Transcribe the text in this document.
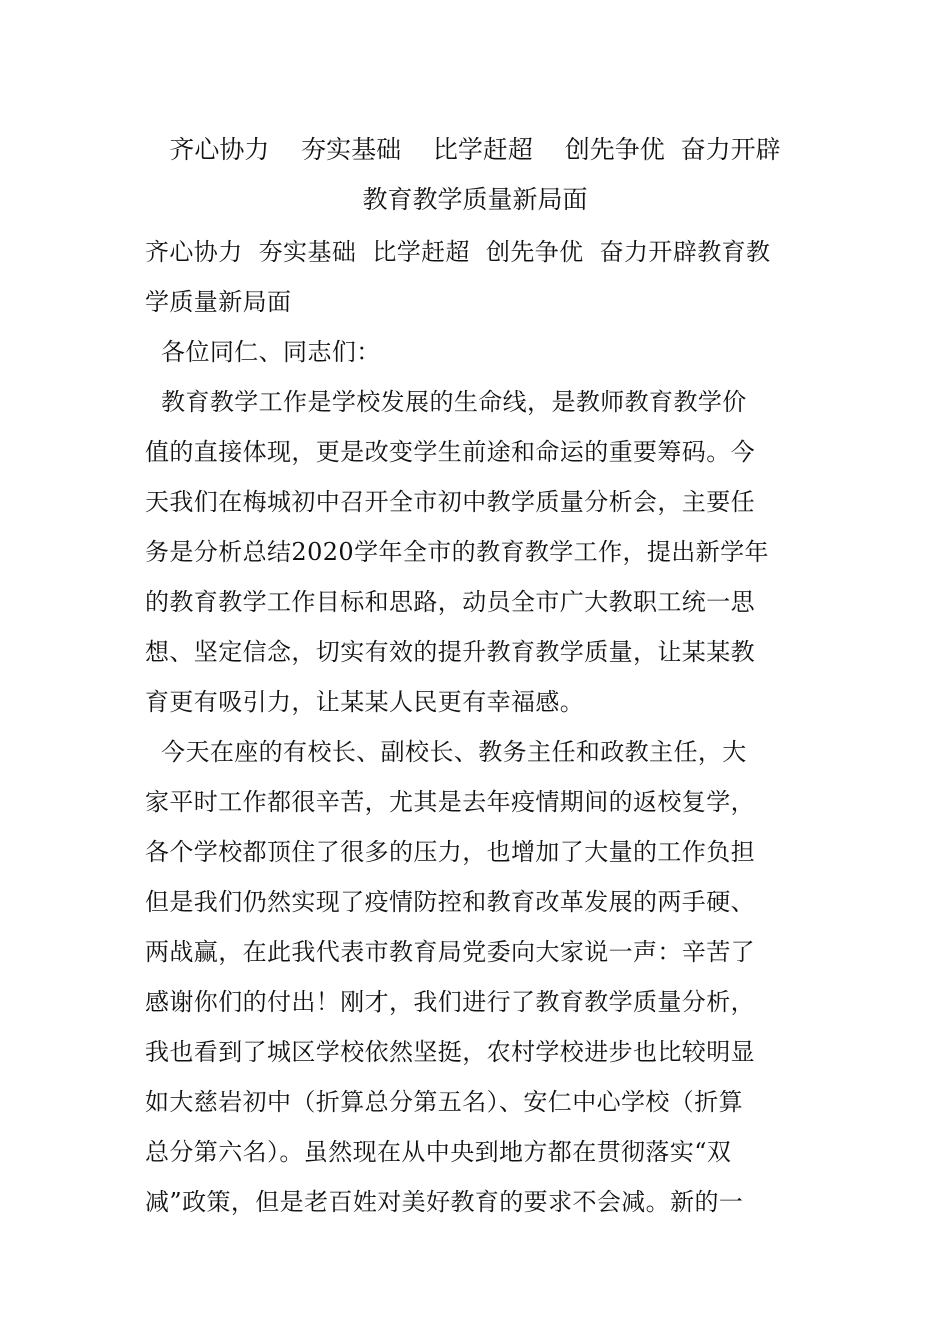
齐心协力    夯实基础    比学赶超    创先争优  奋力开辟
教育教学质量新局面
齐心协力  夯实基础  比学赶超  创先争优  奋力开辟教育教
学质量新局面
各位同仁、同志们：
教育教学工作是学校发展的生命线，是教师教育教学价
值的直接体现，更是改变学生前途和命运的重要筹码。今
天我们在梅城初中召开全市初中教学质量分析会，主要任
务是分析总结2020学年全市的教育教学工作，提出新学年
的教育教学工作目标和思路，动员全市广大教职工统一思
想、坚定信念，切实有效的提升教育教学质量，让某某教
育更有吸引力，让某某人民更有幸福感。
今天在座的有校长、副校长、教务主任和政教主任，大
家平时工作都很辛苦，尤其是去年疫情期间的返校复学，
各个学校都顶住了很多的压力，也增加了大量的工作负担
但是我们仍然实现了疫情防控和教育改革发展的两手硬、
两战赢，在此我代表市教育局党委向大家说一声：辛苦了
感谢你们的付出！刚才，我们进行了教育教学质量分析，
我也看到了城区学校依然坚挺，农村学校进步也比较明显
如大慈岩初中（折算总分第五名）、安仁中心学校（折算
总分第六名）。虽然现在从中央到地方都在贯彻落实“双
减”政策，但是老百姓对美好教育的要求不会减。新的一
